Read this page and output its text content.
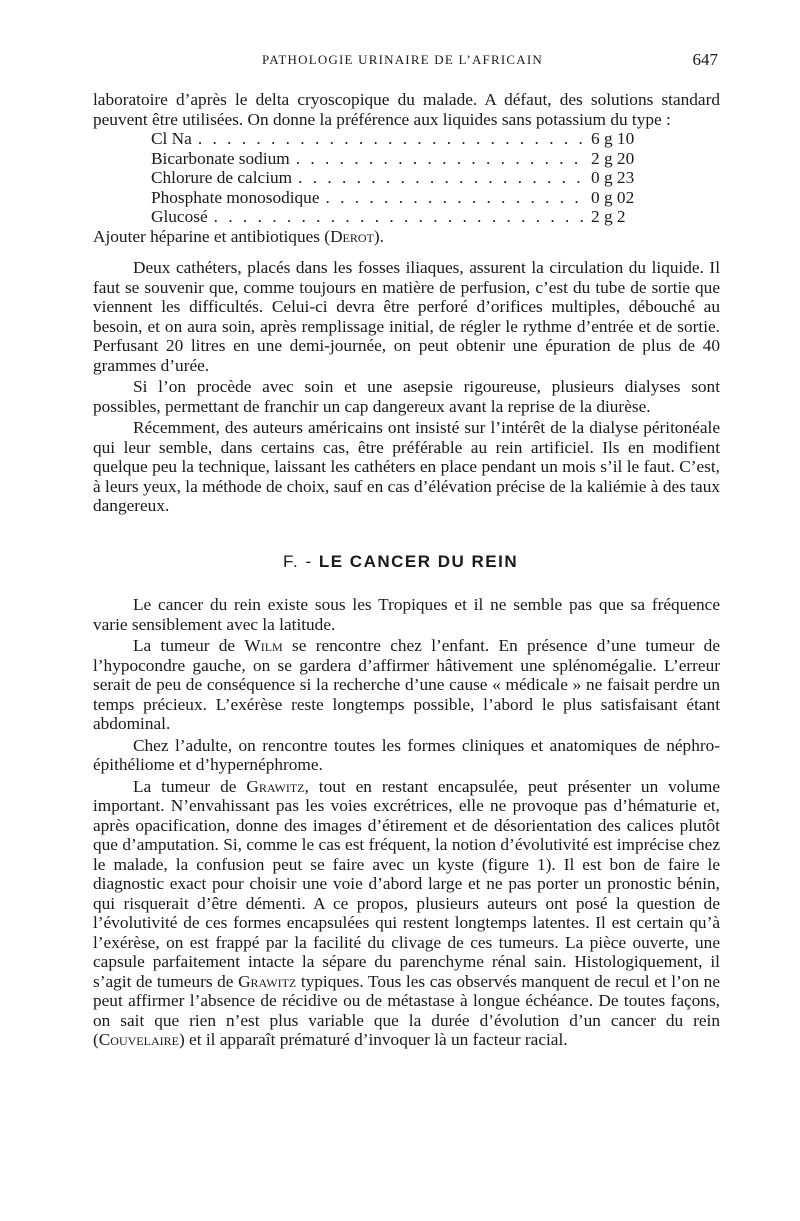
PATHOLOGIE URINAIRE DE L’AFRICAIN	647

laboratoire d’après le delta cryoscopique du malade. A défaut, des solutions standard peuvent être utilisées. On donne la préférence aux liquides sans potassium du type :

Cl Na . . .	6 g 10
Bicarbonate sodium . . .	2 g 20
Chlorure de calcium . . .	0 g 23
Phosphate monosodique . . .	0 g 02
Glucosé . . .	2 g 2

Ajouter héparine et antibiotiques (Derot).

Deux cathéters, placés dans les fosses iliaques, assurent la circulation du liquide. Il faut se souvenir que, comme toujours en matière de perfusion, c’est du tube de sortie que viennent les difficultés. Celui-ci devra être perforé d’orifices multiples, débouché au besoin, et on aura soin, après remplissage initial, de régler le rythme d’entrée et de sortie. Perfusant 20 litres en une demi-journée, on peut obtenir une épuration de plus de 40 grammes d’urée.

Si l’on procède avec soin et une asepsie rigoureuse, plusieurs dialyses sont possibles, permettant de franchir un cap dangereux avant la reprise de la diurèse.

Récemment, des auteurs américains ont insisté sur l’intérêt de la dialyse péritonéale qui leur semble, dans certains cas, être préférable au rein artificiel. Ils en modifient quelque peu la technique, laissant les cathéters en place pendant un mois s’il le faut. C’est, à leurs yeux, la méthode de choix, sauf en cas d’élévation précise de la kaliémie à des taux dangereux.

F. - LE CANCER DU REIN

Le cancer du rein existe sous les Tropiques et il ne semble pas que sa fréquence varie sensiblement avec la latitude.

La tumeur de Wilm se rencontre chez l’enfant. En présence d’une tumeur de l’hypocondre gauche, on se gardera d’affirmer hâtivement une splénomégalie. L’erreur serait de peu de conséquence si la recherche d’une cause « médicale » ne faisait perdre un temps précieux. L’exérèse reste longtemps possible, l’abord le plus satisfaisant étant abdominal.

Chez l’adulte, on rencontre toutes les formes cliniques et anatomiques de néphro-épithéliome et d’hypernéphrome.

La tumeur de Grawitz, tout en restant encapsulée, peut présenter un volume important. N’envahissant pas les voies excrétrices, elle ne provoque pas d’hématurie et, après opacification, donne des images d’étirement et de désorientation des calices plutôt que d’amputation. Si, comme le cas est fréquent, la notion d’évolutivité est imprécise chez le malade, la confusion peut se faire avec un kyste (figure 1). Il est bon de faire le diagnostic exact pour choisir une voie d’abord large et ne pas porter un pronostic bénin, qui risquerait d’être démenti. A ce propos, plusieurs auteurs ont posé la question de l’évolutivité de ces formes encapsulées qui restent longtemps latentes. Il est certain qu’à l’exérèse, on est frappé par la facilité du clivage de ces tumeurs. La pièce ouverte, une capsule parfaitement intacte la sépare du parenchyme rénal sain. Histologiquement, il s’agit de tumeurs de Grawitz typiques. Tous les cas observés manquent de recul et l’on ne peut affirmer l’absence de récidive ou de métastase à longue échéance. De toutes façons, on sait que rien n’est plus variable que la durée d’évolution d’un cancer du rein (Couvelaire) et il apparaît prématuré d’invoquer là un facteur racial.
